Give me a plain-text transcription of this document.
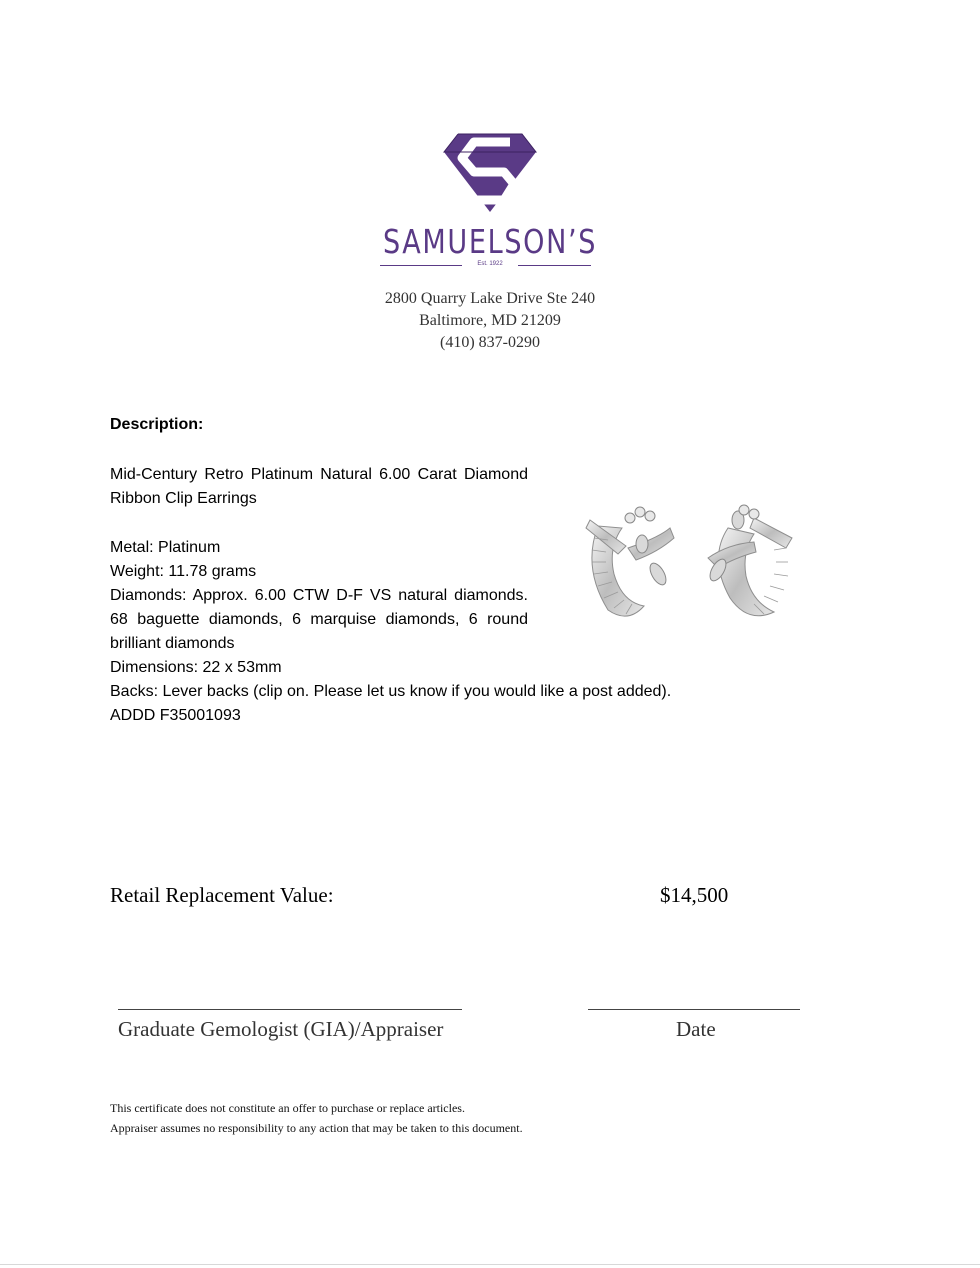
SAMUELSON’S
Est. 1922
2800 Quarry Lake Drive Ste 240
Baltimore, MD 21209
(410) 837-0290
Description:
Mid-Century Retro Platinum Natural 6.00 Carat Diamond Ribbon Clip Earrings
Metal: Platinum
Weight: 11.78 grams
Diamonds: Approx. 6.00 CTW D-F VS natural diamonds. 68 baguette diamonds, 6 marquise diamonds, 6 round brilliant diamonds
Dimensions: 22 x 53mm
Backs: Lever backs (clip on. Please let us know if you would like a post added).
ADDD F35001093
Retail Replacement Value:	$14,500
Graduate Gemologist (GIA)/Appraiser	Date
This certificate does not constitute an offer to purchase or replace articles.
Appraiser assumes no responsibility to any action that may be taken to this document.
